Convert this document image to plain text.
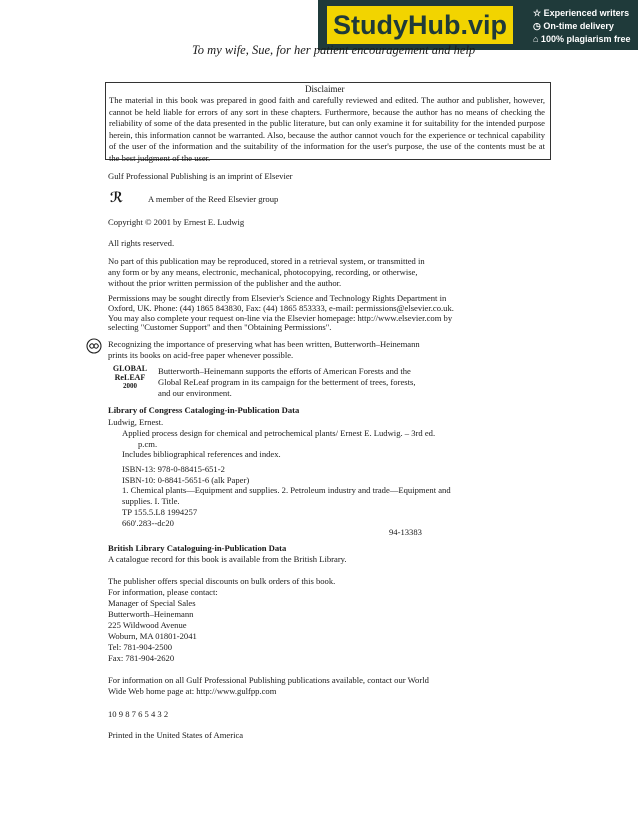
StudyHub.vip	☆ Experienced writers
◷ On-time delivery
⌂ 100% plagiarism free
To my wife, Sue, for her patient encouragement and help
Disclaimer
The material in this book was prepared in good faith and carefully reviewed and edited. The author and publisher, however, cannot be held liable for errors of any sort in these chapters. Furthermore, because the author has no means of checking the reliability of some of the data presented in the public literature, but can only examine it for suitability for the intended purpose herein, this information cannot be warranted. Also, because the author cannot vouch for the experience or technical capability of the user of the information and the suitability of the information for the user's purpose, the use of the contents must be at the best judgment of the user.
Gulf Professional Publishing is an imprint of Elsevier
ℛ	A member of the Reed Elsevier group
Copyright © 2001 by Ernest E. Ludwig
All rights reserved.
No part of this publication may be reproduced, stored in a retrieval system, or transmitted in
any form or by any means, electronic, mechanical, photocopying, recording, or otherwise,
without the prior written permission of the publisher and the author.
Permissions may be sought directly from Elsevier's Science and Technology Rights Department in
Oxford, UK. Phone: (44) 1865 843830, Fax: (44) 1865 853333, e-mail: permissions@elsevier.co.uk.
You may also complete your request on-line via the Elsevier homepage: http://www.elsevier.com by
selecting "Customer Support" and then "Obtaining Permissions".
Recognizing the importance of preserving what has been written, Butterworth–Heinemann
prints its books on acid-free paper whenever possible.
GLOBAL
ReLEAF
2000
Butterworth–Heinemann supports the efforts of American Forests and the
Global ReLeaf program in its campaign for the betterment of trees, forests,
and our environment.
Library of Congress Cataloging-in-Publication Data
Ludwig, Ernest.
Applied process design for chemical and petrochemical plants/ Ernest E. Ludwig. – 3rd ed.
p.cm.
Includes bibliographical references and index.
ISBN-13: 978-0-88415-651-2
ISBN-10: 0-8841-5651-6 (alk Paper)
1. Chemical plants—Equipment and supplies. 2. Petroleum industry and trade—Equipment and
supplies. I. Title.
TP 155.5.L8 1994257
660'.283--dc20
94-13383
British Library Cataloguing-in-Publication Data
A catalogue record for this book is available from the British Library.
The publisher offers special discounts on bulk orders of this book.
For information, please contact:
Manager of Special Sales
Butterworth–Heinemann
225 Wildwood Avenue
Woburn, MA 01801-2041
Tel: 781-904-2500
Fax: 781-904-2620
For information on all Gulf Professional Publishing publications available, contact our World
Wide Web home page at: http://www.gulfpp.com
10 9 8 7 6 5 4 3 2
Printed in the United States of America
